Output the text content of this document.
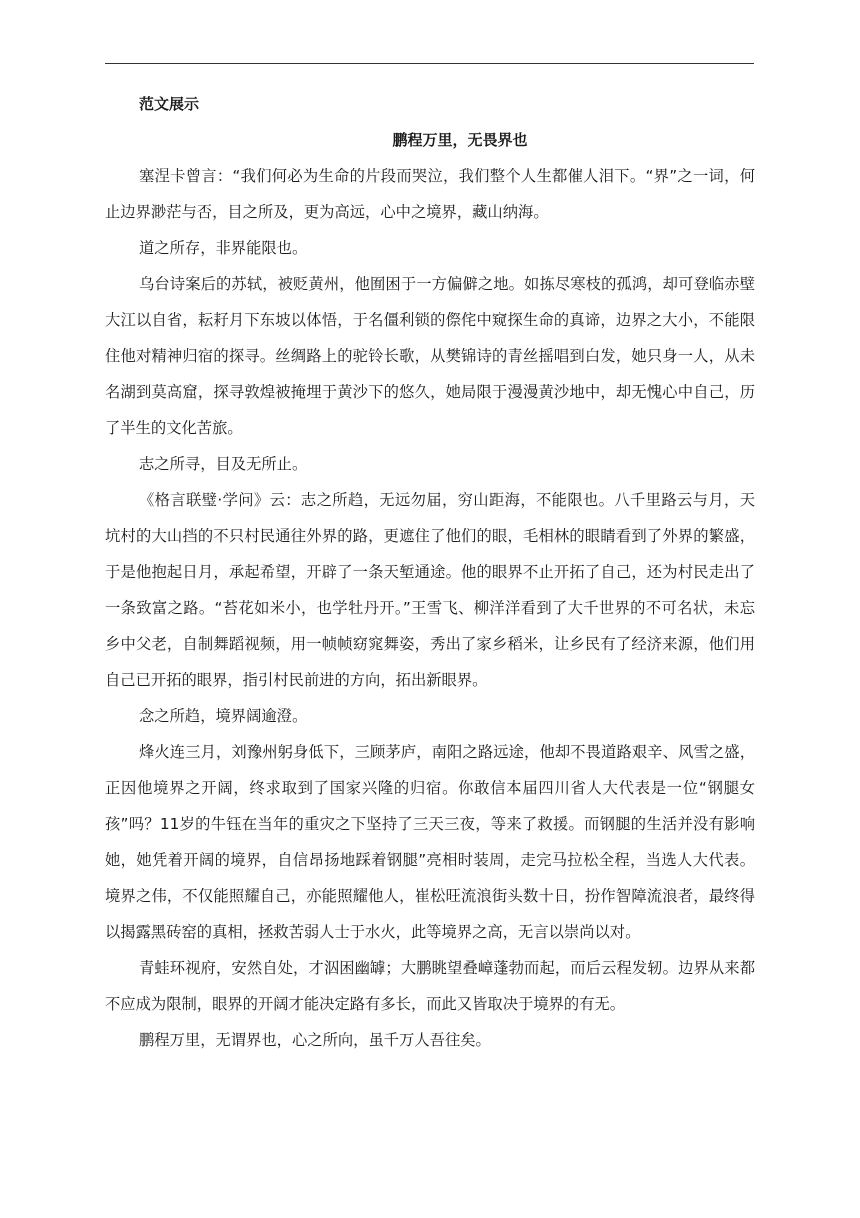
范文展示

鹏程万里，无畏界也

塞涅卡曾言：“我们何必为生命的片段而哭泣，我们整个人生都催人泪下。“界”之一词，何止边界渺茫与否，目之所及，更为高远，心中之境界，藏山纳海。

道之所存，非界能限也。

乌台诗案后的苏轼，被贬黄州，他囿困于一方偏僻之地。如拣尽寒枝的孤鸿，却可登临赤壁大江以自省，耘耔月下东坡以体悟，于名僵利锁的傺侘中窥探生命的真谛，边界之大小，不能限住他对精神归宿的探寻。丝绸路上的驼铃长歌，从樊锦诗的青丝摇唱到白发，她只身一人，从未名湖到莫高窟，探寻敦煌被掩埋于黄沙下的悠久，她局限于漫漫黄沙地中，却无愧心中自己，历了半生的文化苦旅。

志之所寻，目及无所止。

《格言联璧·学问》云：志之所趋，无远勿届，穷山距海，不能限也。八千里路云与月，天坑村的大山挡的不只村民通往外界的路，更遮住了他们的眼，毛相林的眼睛看到了外界的繁盛，于是他抱起日月，承起希望，开辟了一条天堑通途。他的眼界不止开拓了自己，还为村民走出了一条致富之路。“苔花如米小，也学牡丹开。”王雪飞、柳洋洋看到了大千世界的不可名状，未忘乡中父老，自制舞蹈视频，用一帧帧窈窕舞姿，秀出了家乡稻米，让乡民有了经济来源，他们用自己已开拓的眼界，指引村民前进的方向，拓出新眼界。

念之所趋，境界阔逾澄。

烽火连三月，刘豫州躬身低下，三顾茅庐，南阳之路远途，他却不畏道路艰辛、风雪之盛，正因他境界之开阔，终求取到了国家兴隆的归宿。你敢信本届四川省人大代表是一位“钢腿女孩”吗？11岁的牛钰在当年的重灾之下坚持了三天三夜，等来了救援。而钢腿的生活并没有影响她，她凭着开阔的境界，自信昂扬地踩着钢腿”亮相时装周，走完马拉松全程，当选人大代表。境界之伟，不仅能照耀自己，亦能照耀他人，崔松旺流浪街头数十日，扮作智障流浪者，最终得以揭露黑砖窑的真相，拯救苦弱人士于水火，此等境界之高，无言以崇尚以对。

青蛙环视府，安然自处，才泅困幽罅；大鹏眺望叠嶂蓬勃而起，而后云程发轫。边界从来都不应成为限制，眼界的开阔才能决定路有多长，而此又皆取决于境界的有无。

鹏程万里，无谓界也，心之所向，虽千万人吾往矣。
